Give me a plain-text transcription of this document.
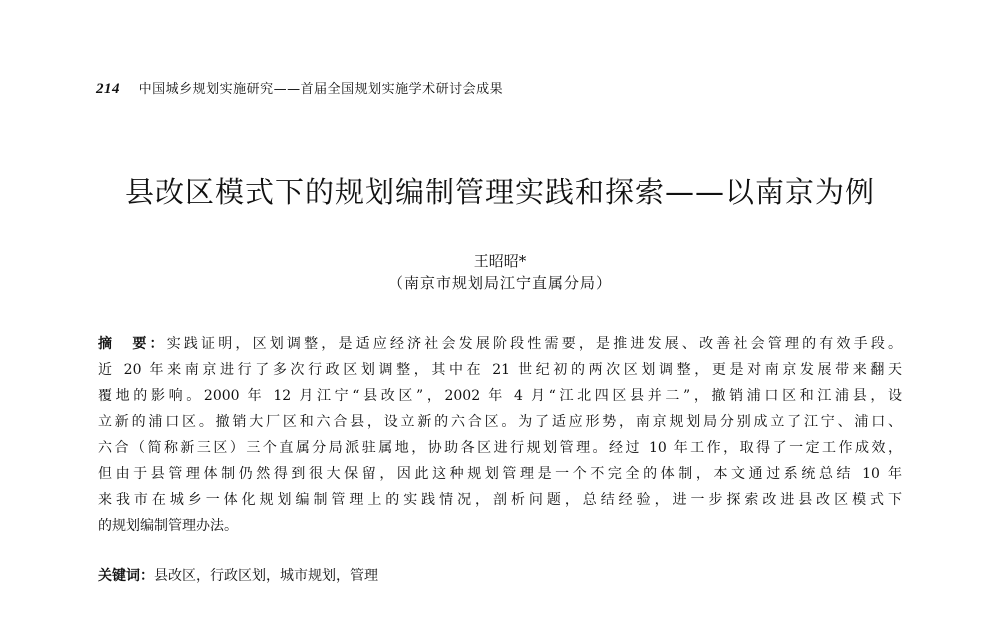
214 中国城乡规划实施研究——首届全国规划实施学术研讨会成果
县改区模式下的规划编制管理实践和探索——以南京为例
王昭昭*
（南京市规划局江宁直属分局）
摘　要：实践证明，区划调整，是适应经济社会发展阶段性需要，是推进发展、改善社会管理的有效手段。
近 20 年来南京进行了多次行政区划调整，其中在 21 世纪初的两次区划调整，更是对南京发展带来翻天
覆地的影响。2000 年 12 月江宁“县改区”，2002 年 4 月“江北四区县并二”，撤销浦口区和江浦县，设
立新的浦口区。撤销大厂区和六合县，设立新的六合区。为了适应形势，南京规划局分别成立了江宁、浦口、
六合（简称新三区）三个直属分局派驻属地，协助各区进行规划管理。经过 10 年工作，取得了一定工作成效，
但由于县管理体制仍然得到很大保留，因此这种规划管理是一个不完全的体制，本文通过系统总结 10 年
来我市在城乡一体化规划编制管理上的实践情况，剖析问题，总结经验，进一步探索改进县改区模式下
的规划编制管理办法。
关键词：县改区，行政区划，城市规划，管理
